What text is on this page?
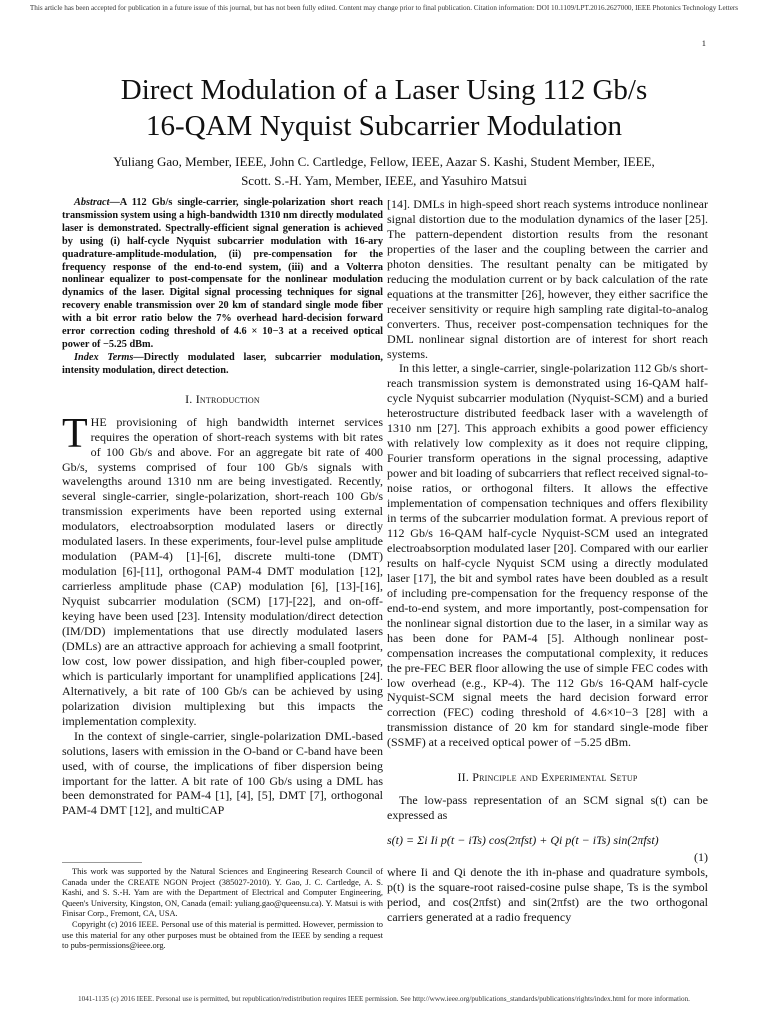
This article has been accepted for publication in a future issue of this journal, but has not been fully edited. Content may change prior to final publication. Citation information: DOI 10.1109/LPT.2016.2627000, IEEE Photonics Technology Letters
1
Direct Modulation of a Laser Using 112 Gb/s
16-QAM Nyquist Subcarrier Modulation
Yuliang Gao, Member, IEEE, John C. Cartledge, Fellow, IEEE, Aazar S. Kashi, Student Member, IEEE,
Scott. S.-H. Yam, Member, IEEE, and Yasuhiro Matsui

Abstract—A 112 Gb/s single-carrier, single-polarization short reach transmission system using a high-bandwidth 1310 nm directly modulated laser is demonstrated. Spectrally-efficient signal generation is achieved by using (i) half-cycle Nyquist subcarrier modulation with 16-ary quadrature-amplitude-modulation, (ii) pre-compensation for the frequency response of the end-to-end system, (iii) and a Volterra nonlinear equalizer to post-compensate for the nonlinear modulation dynamics of the laser. Digital signal processing techniques for signal recovery enable transmission over 20 km of standard single mode fiber with a bit error ratio below the 7% overhead hard-decision forward error correction coding threshold of 4.6 × 10−3 at a received optical power of −5.25 dBm.

Index Terms—Directly modulated laser, subcarrier modulation, intensity modulation, direct detection.

I. Introduction

THE provisioning of high bandwidth internet services requires the operation of short-reach systems with bit rates of 100 Gb/s and above. For an aggregate bit rate of 400 Gb/s, systems comprised of four 100 Gb/s signals with wavelengths around 1310 nm are being investigated. Recently, several single-carrier, single-polarization, short-reach 100 Gb/s transmission experiments have been reported using external modulators, electroabsorption modulated lasers or directly modulated lasers. In these experiments, four-level pulse amplitude modulation (PAM-4) [1]-[6], discrete multi-tone (DMT) modulation [6]-[11], orthogonal PAM-4 DMT modulation [12], carrierless amplitude phase (CAP) modulation [6], [13]-[16], Nyquist subcarrier modulation (SCM) [17]-[22], and on-off-keying have been used [23]. Intensity modulation/direct detection (IM/DD) implementations that use directly modulated lasers (DMLs) are an attractive approach for achieving a small footprint, low cost, low power dissipation, and high fiber-coupled power, which is particularly important for unamplified applications [24]. Alternatively, a bit rate of 100 Gb/s can be achieved by using polarization division multiplexing but this impacts the implementation complexity.

In the context of single-carrier, single-polarization DML-based solutions, lasers with emission in the O-band or C-band have been used, with of course, the implications of fiber dispersion being important for the latter. A bit rate of 100 Gb/s using a DML has been demonstrated for PAM-4 [1], [4], [5], DMT [7], orthogonal PAM-4 DMT [12], and multiCAP

This work was supported by the Natural Sciences and Engineering Research Council of Canada under the CREATE NGON Project (385027-2010). Y. Gao, J. C. Cartledge, A. S. Kashi, and S. S.-H. Yam are with the Department of Electrical and Computer Engineering, Queen's University, Kingston, ON, Canada (email: yuliang.gao@queensu.ca). Y. Matsui is with Finisar Corp., Fremont, CA, USA.

Copyright (c) 2016 IEEE. Personal use of this material is permitted. However, permission to use this material for any other purposes must be obtained from the IEEE by sending a request to pubs-permissions@ieee.org.

[14]. DMLs in high-speed short reach systems introduce nonlinear signal distortion due to the modulation dynamics of the laser [25]. The pattern-dependent distortion results from the resonant properties of the laser and the coupling between the carrier and photon densities. The resultant penalty can be mitigated by reducing the modulation current or by back calculation of the rate equations at the transmitter [26], however, they either sacrifice the receiver sensitivity or require high sampling rate digital-to-analog converters. Thus, receiver post-compensation techniques for the DML nonlinear signal distortion are of interest for short reach systems.

In this letter, a single-carrier, single-polarization 112 Gb/s short-reach transmission system is demonstrated using 16-QAM half-cycle Nyquist subcarrier modulation (Nyquist-SCM) and a buried heterostructure distributed feedback laser with a wavelength of 1310 nm [27]. This approach exhibits a good power efficiency with relatively low complexity as it does not require clipping, Fourier transform operations in the signal processing, adaptive power and bit loading of subcarriers that reflect received signal-to-noise ratios, or orthogonal filters. It allows the effective implementation of compensation techniques and offers flexibility in terms of the subcarrier modulation format. A previous report of 112 Gb/s 16-QAM half-cycle Nyquist-SCM used an integrated electroabsorption modulated laser [20]. Compared with our earlier results on half-cycle Nyquist SCM using a directly modulated laser [17], the bit and symbol rates have been doubled as a result of including pre-compensation for the frequency response of the end-to-end system, and more importantly, post-compensation for the nonlinear signal distortion due to the laser, in a similar way as has been done for PAM-4 [5]. Although nonlinear post-compensation increases the computational complexity, it reduces the pre-FEC BER floor allowing the use of simple FEC codes with low overhead (e.g., KP-4). The 112 Gb/s 16-QAM half-cycle Nyquist-SCM signal meets the hard decision forward error correction (FEC) coding threshold of 4.6×10−3 [28] with a transmission distance of 20 km for standard single-mode fiber (SSMF) at a received optical power of −5.25 dBm.

II. Principle and Experimental Setup

The low-pass representation of an SCM signal s(t) can be expressed as

s(t) = Σi Ii p(t − iTs) cos(2πfst) + Qi p(t − iTs) sin(2πfst)
(1)

where Ii and Qi denote the ith in-phase and quadrature symbols, p(t) is the square-root raised-cosine pulse shape, Ts is the symbol period, and cos(2πfst) and sin(2πfst) are the two orthogonal carriers generated at a radio frequency

1041-1135 (c) 2016 IEEE. Personal use is permitted, but republication/redistribution requires IEEE permission. See http://www.ieee.org/publications_standards/publications/rights/index.html for more information.
